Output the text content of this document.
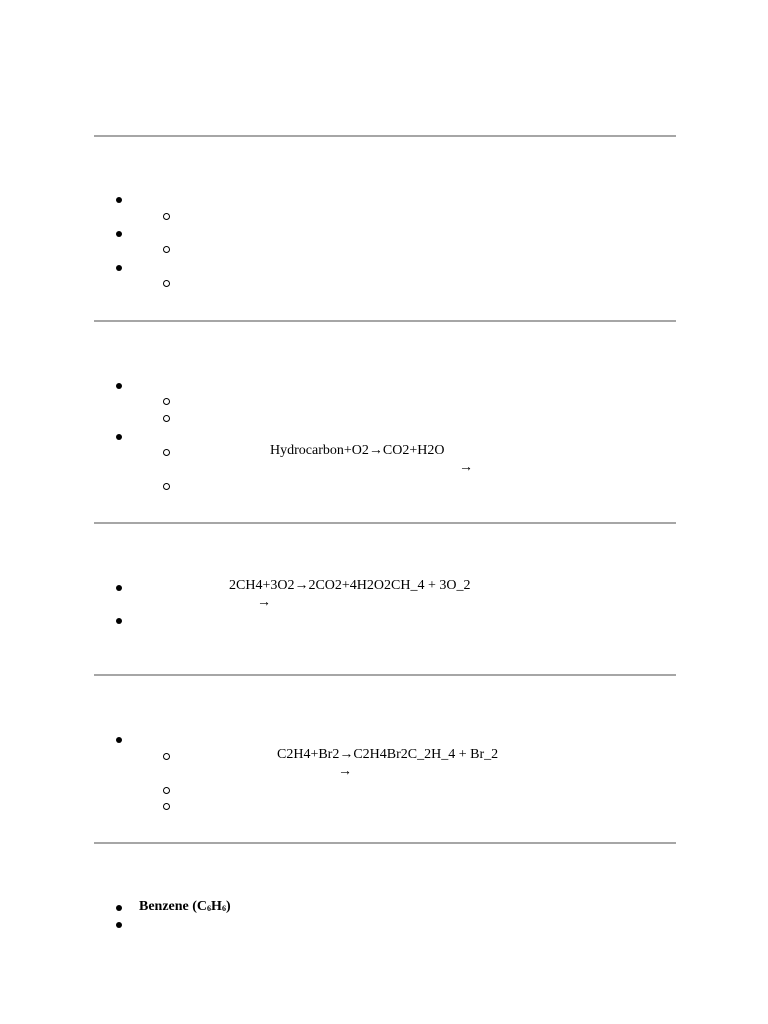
Hydrocarbon+O2→CO2+H2O
→
2CH4+3O2→2CO2+4H2O2CH_4 + 3O_2
→
C2H4+Br2→C2H4Br2C_2H_4 + Br_2
→
Benzene (C6H6)
